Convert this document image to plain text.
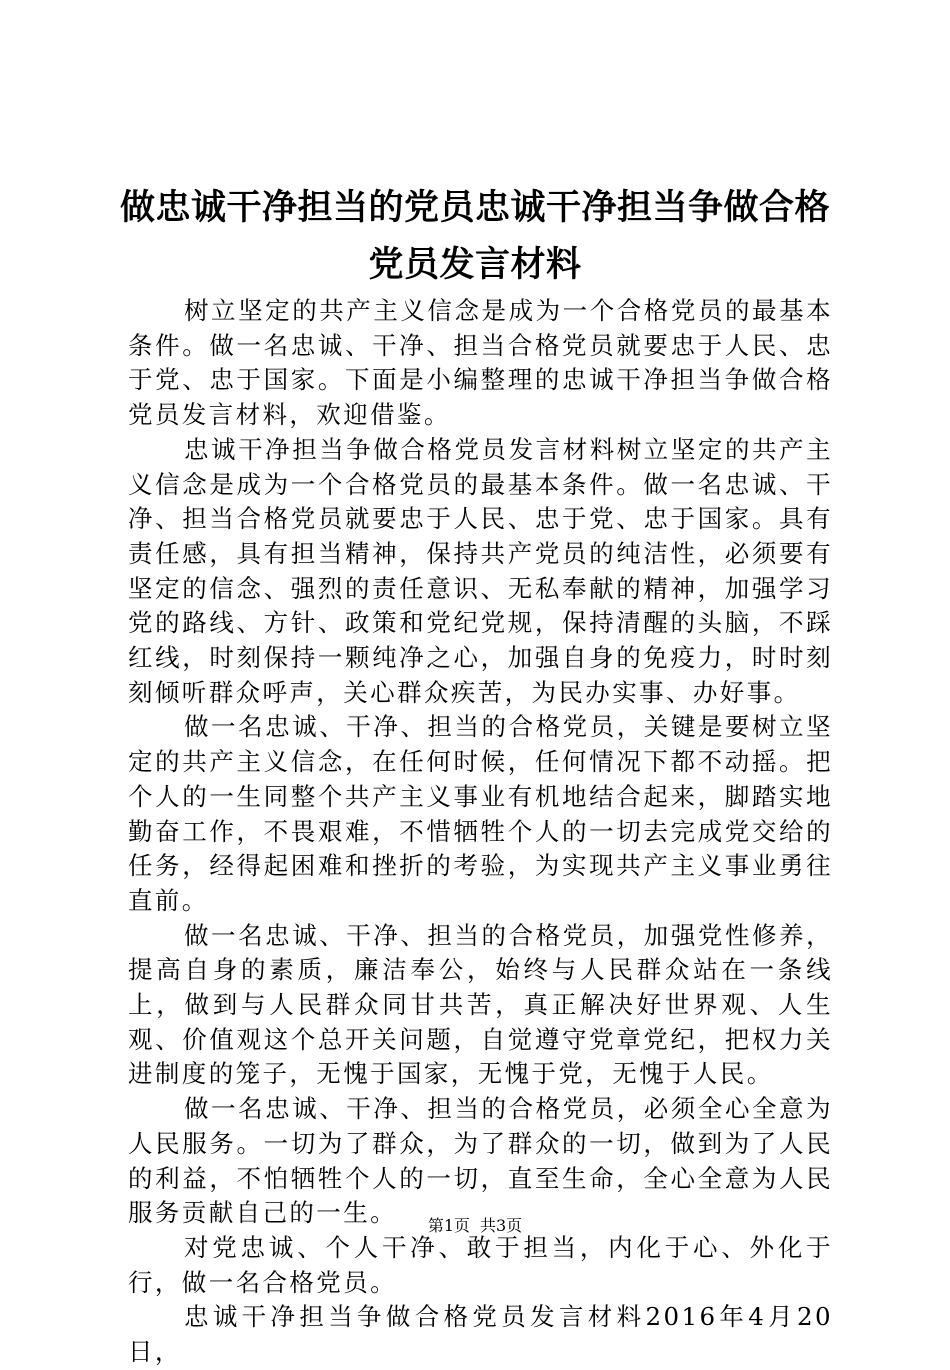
做忠诚干净担当的党员忠诚干净担当争做合格
党员发言材料

树立坚定的共产主义信念是成为一个合格党员的最基本条件。做一名忠诚、干净、担当合格党员就要忠于人民、忠于党、忠于国家。下面是小编整理的忠诚干净担当争做合格党员发言材料，欢迎借鉴。

忠诚干净担当争做合格党员发言材料树立坚定的共产主义信念是成为一个合格党员的最基本条件。做一名忠诚、干净、担当合格党员就要忠于人民、忠于党、忠于国家。具有责任感，具有担当精神，保持共产党员的纯洁性，必须要有坚定的信念、强烈的责任意识、无私奉献的精神，加强学习党的路线、方针、政策和党纪党规，保持清醒的头脑，不踩红线，时刻保持一颗纯净之心，加强自身的免疫力，时时刻刻倾听群众呼声，关心群众疾苦，为民办实事、办好事。

做一名忠诚、干净、担当的合格党员，关键是要树立坚定的共产主义信念，在任何时候，任何情况下都不动摇。把个人的一生同整个共产主义事业有机地结合起来，脚踏实地勤奋工作，不畏艰难，不惜牺牲个人的一切去完成党交给的任务，经得起困难和挫折的考验，为实现共产主义事业勇往直前。

做一名忠诚、干净、担当的合格党员，加强党性修养，提高自身的素质，廉洁奉公，始终与人民群众站在一条线上，做到与人民群众同甘共苦，真正解决好世界观、人生观、价值观这个总开关问题，自觉遵守党章党纪，把权力关进制度的笼子，无愧于国家，无愧于党，无愧于人民。

做一名忠诚、干净、担当的合格党员，必须全心全意为人民服务。一切为了群众，为了群众的一切，做到为了人民的利益，不怕牺牲个人的一切，直至生命，全心全意为人民服务贡献自己的一生。

对党忠诚、个人干净、敢于担当，内化于心、外化于行，做一名合格党员。

忠诚干净担当争做合格党员发言材料2016年4月20日，

第1页 共3页
